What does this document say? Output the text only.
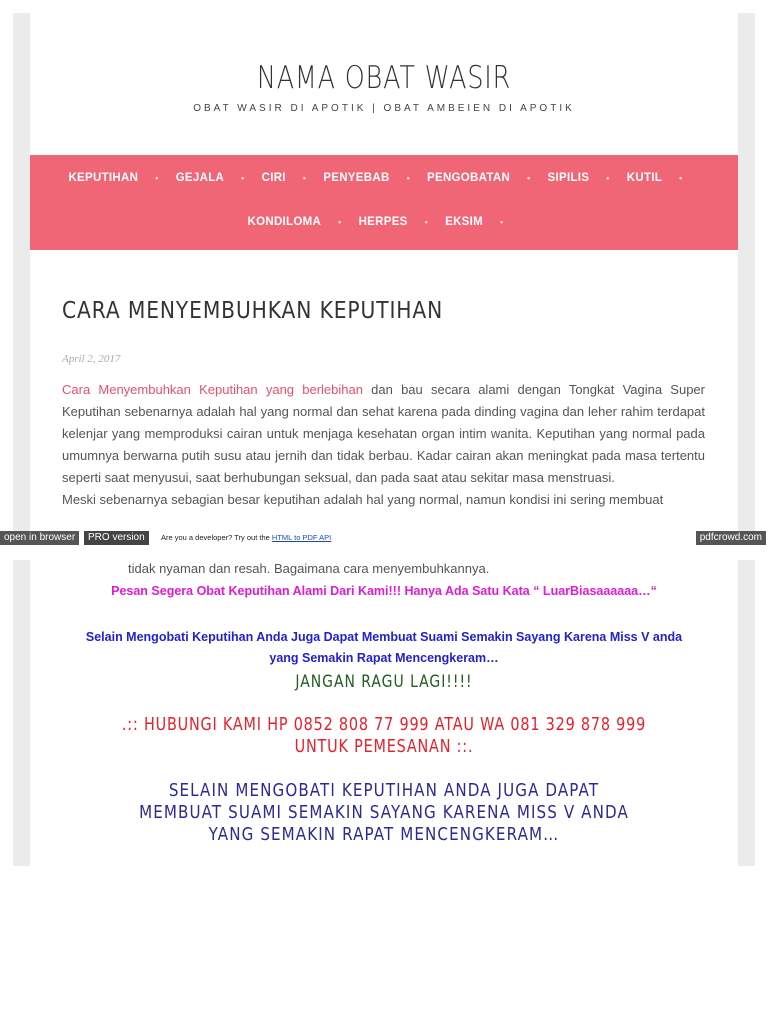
NAMA OBAT WASIR
OBAT WASIR DI APOTIK | OBAT AMBEIEN DI APOTIK
KEPUTIHAN • GEJALA • CIRI • PENYEBAB • PENGOBATAN • SIPILIS • KUTIL •
KONDILOMA • HERPES • EKSIM •
CARA MENYEMBUHKAN KEPUTIHAN
April 2, 2017

Cara Menyembuhkan Keputihan yang berlebihan dan bau secara alami dengan Tongkat Vagina Super Keputihan sebenarnya adalah hal yang normal dan sehat karena pada dinding vagina dan leher rahim terdapat kelenjar yang memproduksi cairan untuk menjaga kesehatan organ intim wanita. Keputihan yang normal pada umumnya berwarna putih susu atau jernih dan tidak berbau. Kadar cairan akan meningkat pada masa tertentu seperti saat menyusui, saat berhubungan seksual, dan pada saat atau sekitar masa menstruasi.

Meski sebenarnya sebagian besar keputihan adalah hal yang normal, namun kondisi ini sering membuat

open in browser	PRO version	Are you a developer? Try out the HTML to PDF API	pdfcrowd.com
tidak nyaman dan resah. Bagaimana cara menyembuhkannya.
Pesan Segera Obat Keputihan Alami Dari Kami!!! Hanya Ada Satu Kata “ LuarBiasaaaaaa…“
Selain Mengobati Keputihan Anda Juga Dapat Membuat Suami Semakin Sayang Karena Miss V anda yang Semakin Rapat Mencengkeram…
JANGAN RAGU LAGI!!!!
.:: HUBUNGI KAMI HP 0852 808 77 999 ATAU WA 081 329 878 999 UNTUK PEMESANAN ::.
SELAIN MENGOBATI KEPUTIHAN ANDA JUGA DAPAT MEMBUAT SUAMI SEMAKIN SAYANG KARENA MISS V ANDA YANG SEMAKIN RAPAT MENCENGKERAM…
